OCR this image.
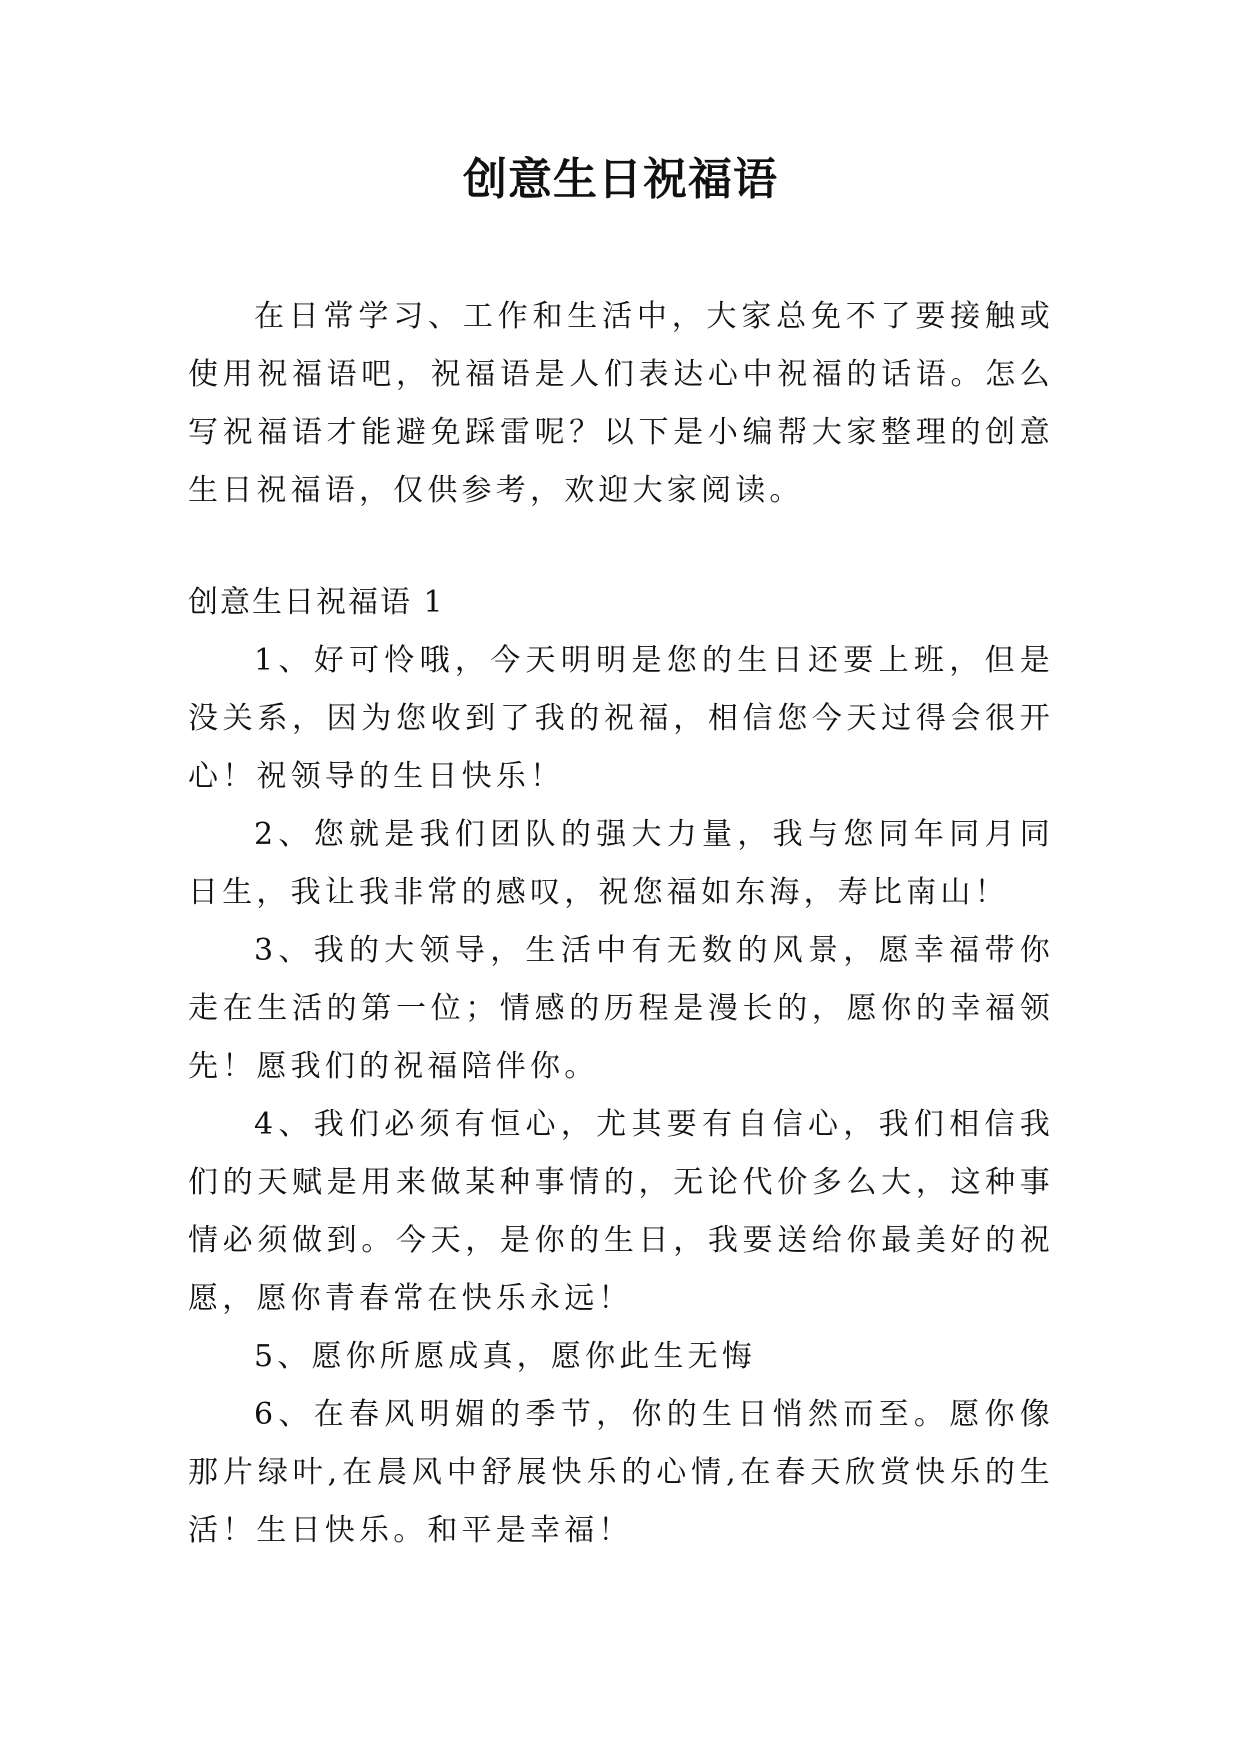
创意生日祝福语

在日常学习、工作和生活中，大家总免不了要接触或使用祝福语吧，祝福语是人们表达心中祝福的话语。怎么写祝福语才能避免踩雷呢？以下是小编帮大家整理的创意生日祝福语，仅供参考，欢迎大家阅读。

创意生日祝福语 1

1、好可怜哦，今天明明是您的生日还要上班，但是没关系，因为您收到了我的祝福，相信您今天过得会很开心！祝领导的生日快乐！

2、您就是我们团队的强大力量，我与您同年同月同日生，我让我非常的感叹，祝您福如东海，寿比南山！

3、我的大领导，生活中有无数的风景，愿幸福带你走在生活的第一位；情感的历程是漫长的，愿你的幸福领先！愿我们的祝福陪伴你。

4、我们必须有恒心，尤其要有自信心，我们相信我们的天赋是用来做某种事情的，无论代价多么大，这种事情必须做到。今天，是你的生日，我要送给你最美好的祝愿，愿你青春常在快乐永远！

5、愿你所愿成真，愿你此生无悔

6、在春风明媚的季节，你的生日悄然而至。愿你像那片绿叶,在晨风中舒展快乐的心情,在春天欣赏快乐的生活！生日快乐。和平是幸福！
